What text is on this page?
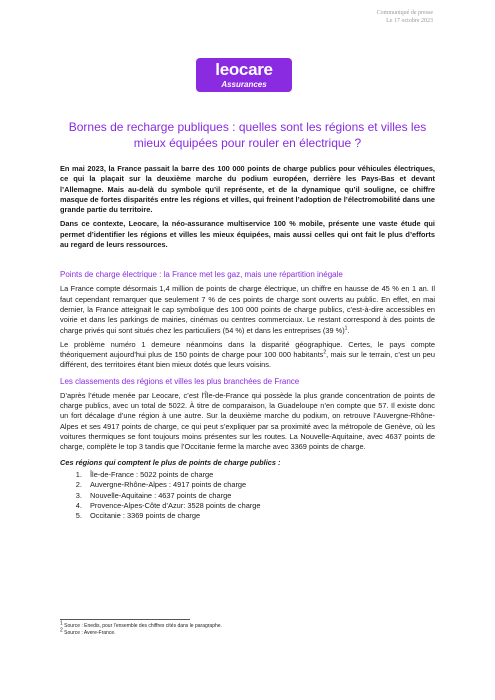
Communiqué de presse
Le 17 octobre 2023
leocare
Assurances
Bornes de recharge publiques : quelles sont les régions et villes les mieux équipées pour rouler en électrique ?

En mai 2023, la France passait la barre des 100 000 points de charge publics pour véhicules électriques, ce qui la plaçait sur la deuxième marche du podium européen, derrière les Pays-Bas et devant l’Allemagne. Mais au-delà du symbole qu’il représente, et de la dynamique qu’il souligne, ce chiffre masque de fortes disparités entre les régions et villes, qui freinent l’adoption de l’électromobilité dans une grande partie du territoire.

Dans ce contexte, Leocare, la néo-assurance multiservice 100 % mobile, présente une vaste étude qui permet d’identifier les régions et villes les mieux équipées, mais aussi celles qui ont fait le plus d’efforts au regard de leurs ressources.

Points de charge électrique : la France met les gaz, mais une répartition inégale

La France compte désormais 1,4 million de points de charge électrique, un chiffre en hausse de 45 % en 1 an. Il faut cependant remarquer que seulement 7 % de ces points de charge sont ouverts au public. En effet, en mai dernier, la France atteignait le cap symbolique des 100 000 points de charge publics, c’est-à-dire accessibles en voirie et dans les parkings de mairies, cinémas ou centres commerciaux. Le restant correspond à des points de charge privés qui sont situés chez les particuliers (54 %) et dans les entreprises (39 %)$^1$.

Le problème numéro 1 demeure néanmoins dans la disparité géographique. Certes, le pays compte théoriquement aujourd’hui plus de 150 points de charge pour 100 000 habitants$^2$, mais sur le terrain, c’est un peu différent, des territoires étant bien mieux dotés que leurs voisins.

Les classements des régions et villes les plus branchées de France

D’après l’étude menée par Leocare, c’est l’Île-de-France qui possède la plus grande concentration de points de charge publics, avec un total de 5022. À titre de comparaison, la Guadeloupe n’en compte que 57. Il existe donc un fort décalage d’une région à une autre. Sur la deuxième marche du podium, on retrouve l’Auvergne-Rhône-Alpes et ses 4917 points de charge, ce qui peut s’expliquer par sa proximité avec la métropole de Genève, où les voitures thermiques se font toujours moins présentes sur les routes. La Nouvelle-Aquitaine, avec 4637 points de charge, complète le top 3 tandis que l’Occitanie ferme la marche avec 3369 points de charge.

Ces régions qui comptent le plus de points de charge publics :

1. Île-de-France : 5022 points de charge
2. Auvergne-Rhône-Alpes : 4917 points de charge
3. Nouvelle-Aquitaine : 4637 points de charge
4. Provence-Alpes-Côte d’Azur: 3528 points de charge
5. Occitanie : 3369 points de charge
$^1$ Source : Enedis, pour l’ensemble des chiffres cités dans le paragraphe.
$^2$ Source : Avere-France.
